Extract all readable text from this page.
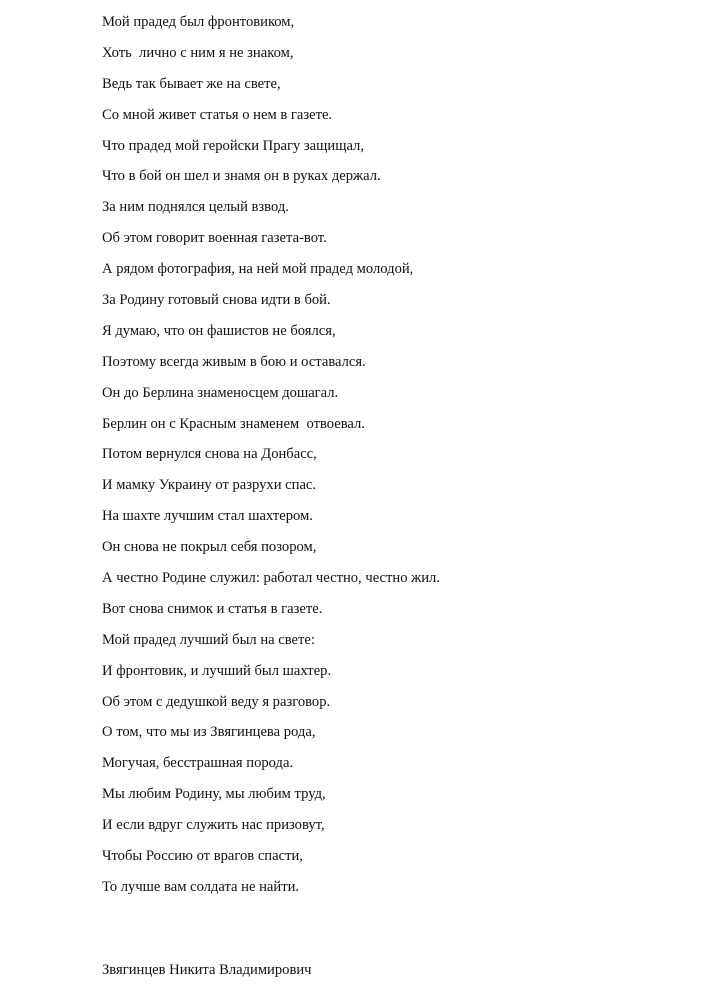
Мой прадед был фронтовиком,
Хоть  лично с ним я не знаком,
Ведь так бывает же на свете,
Со мной живет статья о нем в газете.
Что прадед мой геройски Прагу защищал,
Что в бой он шел и знамя он в руках держал.
За ним поднялся целый взвод.
Об этом говорит военная газета-вот.
А рядом фотография, на ней мой прадед молодой,
За Родину готовый снова идти в бой.
Я думаю, что он фашистов не боялся,
Поэтому всегда живым в бою и оставался.
Он до Берлина знаменосцем дошагал.
Берлин он с Красным знаменем  отвоевал.
Потом вернулся снова на Донбасс,
И мамку Украину от разрухи спас.
На шахте лучшим стал шахтером.
Он снова не покрыл себя позором,
А честно Родине служил: работал честно, честно жил.
Вот снова снимок и статья в газете.
Мой прадед лучший был на свете:
И фронтовик, и лучший был шахтер.
Об этом с дедушкой веду я разговор.
О том, что мы из Звягинцева рода,
Могучая, бесстрашная порода.
Мы любим Родину, мы любим труд,
И если вдруг служить нас призовут,
Чтобы Россию от врагов спасти,
То лучше вам солдата не найти.
Звягинцев Никита Владимирович
